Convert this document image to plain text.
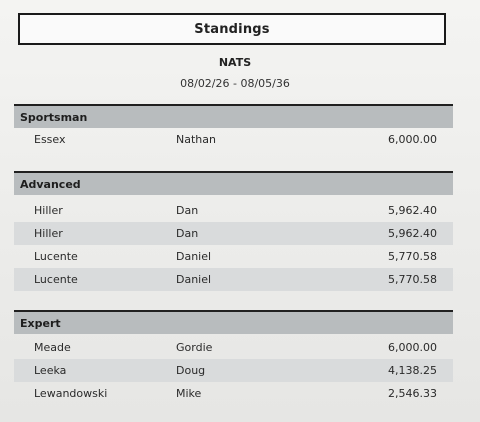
Standings
NATS
08/02/26 - 08/05/36
Sportsman
Essex	Nathan	6,000.00
Advanced
Hiller	Dan	5,962.40
Hiller	Dan	5,962.40
Lucente	Daniel	5,770.58
Lucente	Daniel	5,770.58
Expert
Meade	Gordie	6,000.00
Leeka	Doug	4,138.25
Lewandowski	Mike	2,546.33
